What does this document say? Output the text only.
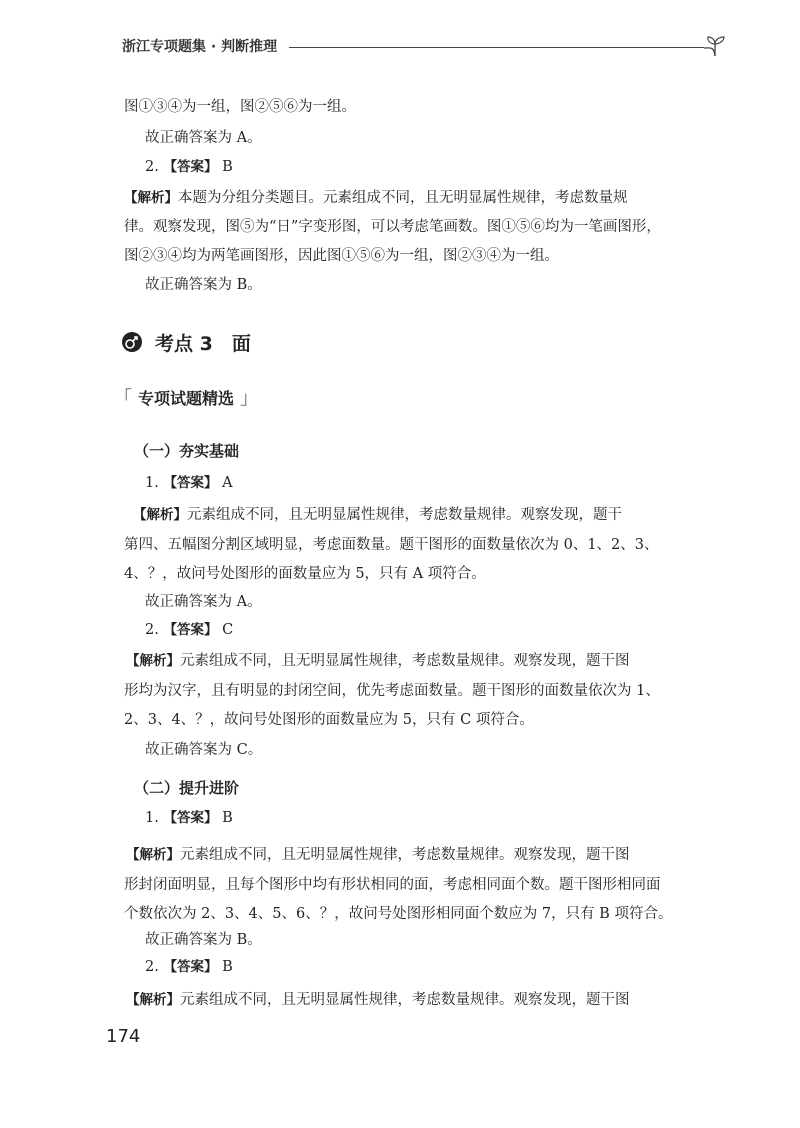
浙江专项题集 · 判断推理
图①③④为一组，图②⑤⑥为一组。
故正确答案为 A。
2. 【答案】 B
【解析】本题为分组分类题目。元素组成不同，且无明显属性规律，考虑数量规
律。观察发现，图⑤为“日”字变形图，可以考虑笔画数。图①⑤⑥均为一笔画图形，
图②③④均为两笔画图形，因此图①⑤⑥为一组，图②③④为一组。
故正确答案为 B。
考点 3　面
「 专项试题精选 」
（一）夯实基础
1. 【答案】 A
【解析】元素组成不同，且无明显属性规律，考虑数量规律。观察发现，题干
第四、五幅图分割区域明显，考虑面数量。题干图形的面数量依次为 0、1、2、3、
4、？，故问号处图形的面数量应为 5，只有 A 项符合。
故正确答案为 A。
2. 【答案】 C
【解析】元素组成不同，且无明显属性规律，考虑数量规律。观察发现，题干图
形均为汉字，且有明显的封闭空间，优先考虑面数量。题干图形的面数量依次为 1、
2、3、4、？，故问号处图形的面数量应为 5，只有 C 项符合。
故正确答案为 C。
（二）提升进阶
1. 【答案】 B
【解析】元素组成不同，且无明显属性规律，考虑数量规律。观察发现，题干图
形封闭面明显，且每个图形中均有形状相同的面，考虑相同面个数。题干图形相同面
个数依次为 2、3、4、5、6、？，故问号处图形相同面个数应为 7，只有 B 项符合。
故正确答案为 B。
2. 【答案】 B
【解析】元素组成不同，且无明显属性规律，考虑数量规律。观察发现，题干图
174
